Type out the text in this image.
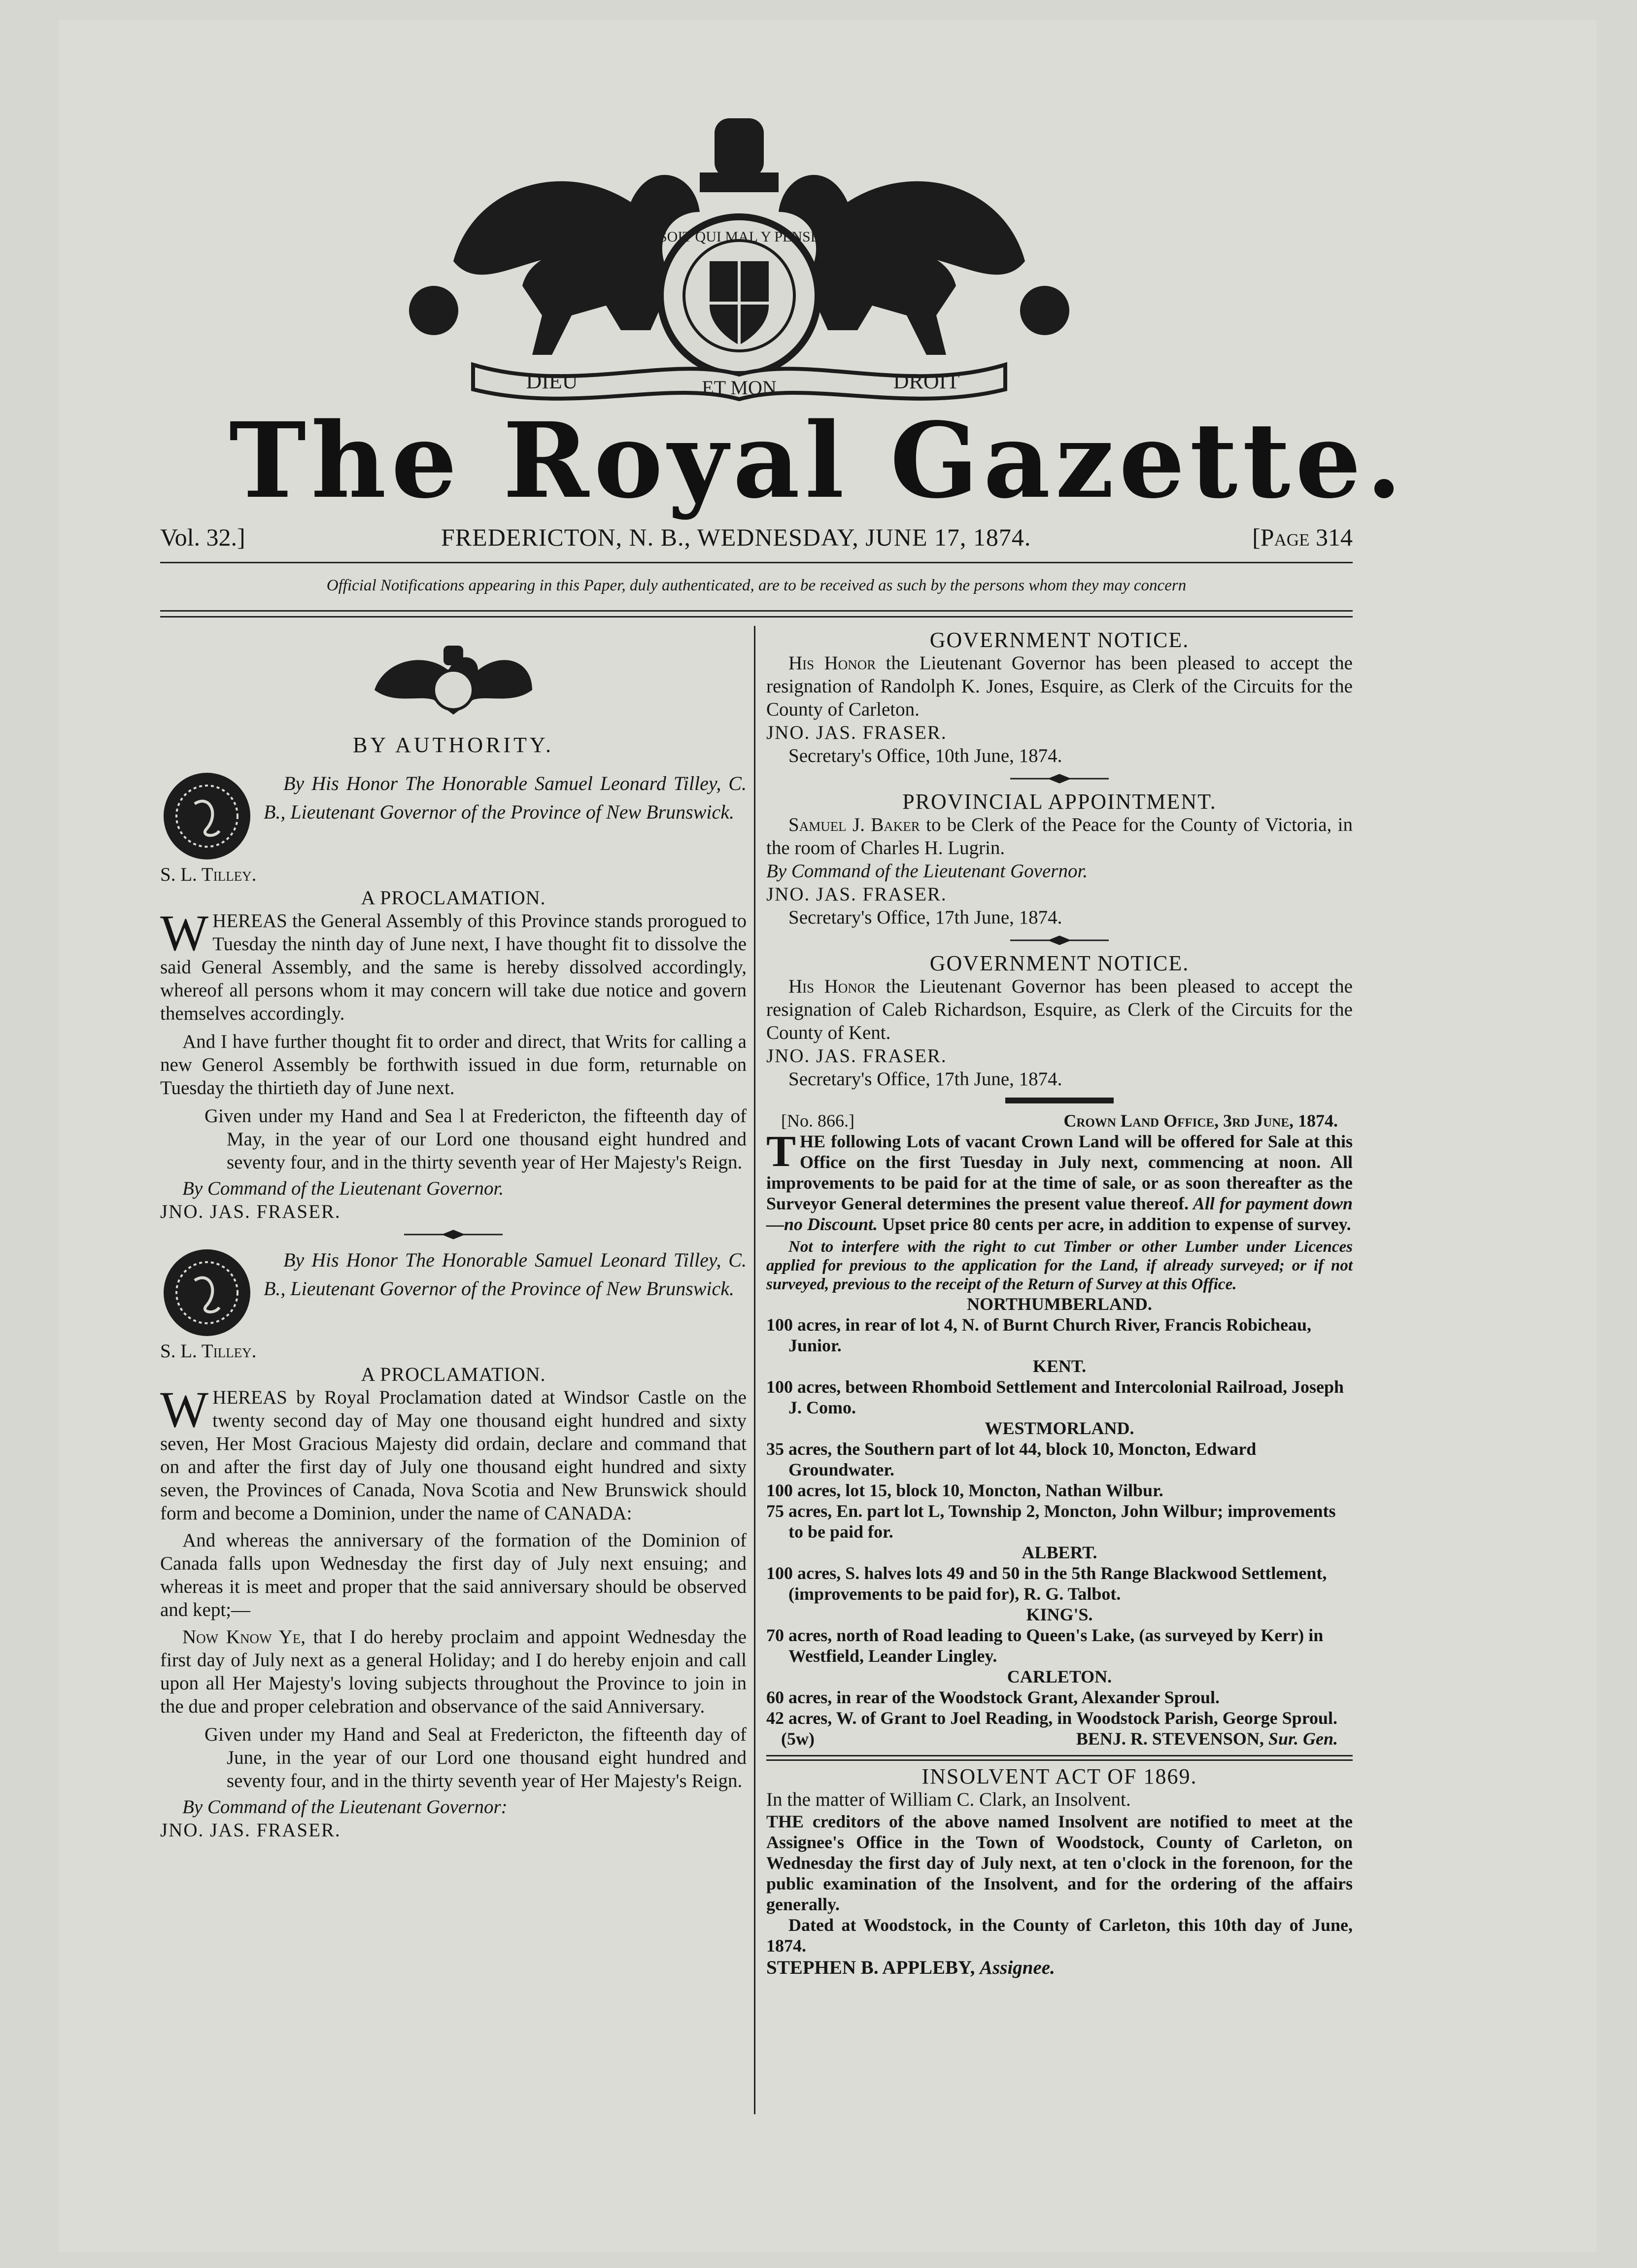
SOIT QUI MAL Y PENSE
DIEU	ET MON	DROIT
The Royal Gazette.
Vol. 32.]	FREDERICTON, N. B., WEDNESDAY, JUNE 17, 1874.	[Page 314
Official Notifications appearing in this Paper, duly authenticated, are to be received as such by the persons whom they may concern
BY AUTHORITY.

By His Honor The Honorable Samuel Leonard Tilley, C. B., Lieutenant Governor of the Province of New Brunswick.

S. L. Tilley.

A PROCLAMATION.

WHEREAS the General Assembly of this Province stands prorogued to Tuesday the ninth day of June next, I have thought fit to dissolve the said General Assembly, and the same is hereby dissolved accordingly, whereof all persons whom it may concern will take due notice and govern themselves accordingly.

And I have further thought fit to order and direct, that Writs for calling a new Generol Assembly be forthwith issued in due form, returnable on Tuesday the thirtieth day of June next.

Given under my Hand and Sea l at Fredericton, the fifteenth day of May, in the year of our Lord one thousand eight hundred and seventy four, and in the thirty seventh year of Her Majesty's Reign.

By Command of the Lieutenant Governor.

JNO. JAS. FRASER.

By His Honor The Honorable Samuel Leonard Tilley, C. B., Lieutenant Governor of the Province of New Brunswick.

S. L. Tilley.

A PROCLAMATION.

WHEREAS by Royal Proclamation dated at Windsor Castle on the twenty second day of May one thousand eight hundred and sixty seven, Her Most Gracious Majesty did ordain, declare and command that on and after the first day of July one thousand eight hundred and sixty seven, the Provinces of Canada, Nova Scotia and New Brunswick should form and become a Dominion, under the name of CANADA:

And whereas the anniversary of the formation of the Dominion of Canada falls upon Wednesday the first day of July next ensuing; and whereas it is meet and proper that the said anniversary should be observed and kept;—

Now Know Ye, that I do hereby proclaim and appoint Wednesday the first day of July next as a general Holiday; and I do hereby enjoin and call upon all Her Majesty's loving subjects throughout the Province to join in the due and proper celebration and observance of the said Anniversary.

Given under my Hand and Seal at Fredericton, the fifteenth day of June, in the year of our Lord one thousand eight hundred and seventy four, and in the thirty seventh year of Her Majesty's Reign.

By Command of the Lieutenant Governor:

JNO. JAS. FRASER.

GOVERNMENT NOTICE.

His Honor the Lieutenant Governor has been pleased to accept the resignation of Randolph K. Jones, Esquire, as Clerk of the Circuits for the County of Carleton.

JNO. JAS. FRASER.

Secretary's Office, 10th June, 1874.

PROVINCIAL APPOINTMENT.

Samuel J. Baker to be Clerk of the Peace for the County of Victoria, in the room of Charles H. Lugrin.

By Command of the Lieutenant Governor.

JNO. JAS. FRASER.

Secretary's Office, 17th June, 1874.

GOVERNMENT NOTICE.

His Honor the Lieutenant Governor has been pleased to accept the resignation of Caleb Richardson, Esquire, as Clerk of the Circuits for the County of Kent.

JNO. JAS. FRASER.

Secretary's Office, 17th June, 1874.

[No. 866.]	Crown Land Office, 3rd June, 1874.

THE following Lots of vacant Crown Land will be offered for Sale at this Office on the first Tuesday in July next, commencing at noon. All improvements to be paid for at the time of sale, or as soon thereafter as the Surveyor General determines the present value thereof. All for payment down—no Discount. Upset price 80 cents per acre, in addition to expense of survey.

Not to interfere with the right to cut Timber or other Lumber under Licences applied for previous to the application for the Land, if already surveyed; or if not surveyed, previous to the receipt of the Return of Survey at this Office.

NORTHUMBERLAND.

100 acres, in rear of lot 4, N. of Burnt Church River, Francis Robicheau, Junior.

KENT.

100 acres, between Rhomboid Settlement and Intercolonial Railroad, Joseph J. Como.

WESTMORLAND.

35 acres, the Southern part of lot 44, block 10, Moncton, Edward Groundwater.

100 acres, lot 15, block 10, Moncton, Nathan Wilbur.

75 acres, En. part lot L, Township 2, Moncton, John Wilbur; improvements to be paid for.

ALBERT.

100 acres, S. halves lots 49 and 50 in the 5th Range Blackwood Settlement, (improvements to be paid for), R. G. Talbot.

KING'S.

70 acres, north of Road leading to Queen's Lake, (as surveyed by Kerr) in Westfield, Leander Lingley.

CARLETON.

60 acres, in rear of the Woodstock Grant, Alexander Sproul.

42 acres, W. of Grant to Joel Reading, in Woodstock Parish, George Sproul.

(5w)	BENJ. R. STEVENSON, Sur. Gen.
INSOLVENT ACT OF 1869.

In the matter of William C. Clark, an Insolvent.

THE creditors of the above named Insolvent are notified to meet at the Assignee's Office in the Town of Woodstock, County of Carleton, on Wednesday the first day of July next, at ten o'clock in the forenoon, for the public examination of the Insolvent, and for the ordering of the affairs generally.

Dated at Woodstock, in the County of Carleton, this 10th day of June, 1874.

STEPHEN B. APPLEBY, Assignee.
